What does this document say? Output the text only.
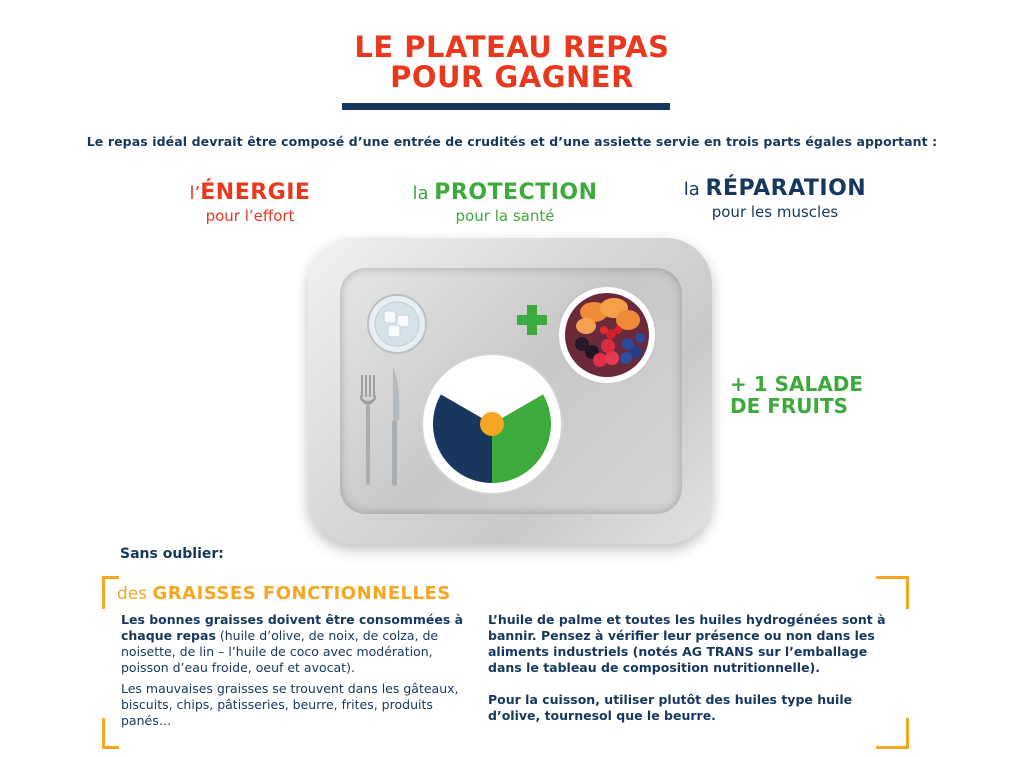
LE PLATEAU REPAS
POUR GAGNER
Le repas idéal devrait être composé d’une entrée de crudités et d’une assiette servie en trois parts égales apportant :
l’ÉNERGIE
pour l’effort
la PROTECTION
pour la santé
la RÉPARATION
pour les muscles
+ 1 SALADE
DE FRUITS
Sans oublier:
des GRAISSES FONCTIONNELLES

Les bonnes graisses doivent être consommées à chaque repas (huile d’olive, de noix, de colza, de noisette, de lin – l’huile de coco avec modération, poisson d’eau froide, oeuf et avocat).

Les mauvaises graisses se trouvent dans les gâteaux, biscuits, chips, pâtisseries, beurre, frites, produits panés…

L’huile de palme et toutes les huiles hydrogénées sont à bannir. Pensez à vérifier leur présence ou non dans les aliments industriels (notés AG TRANS sur l’emballage dans le tableau de composition nutritionnelle).

Pour la cuisson, utiliser plutôt des huiles type huile d’olive, tournesol que le beurre.
